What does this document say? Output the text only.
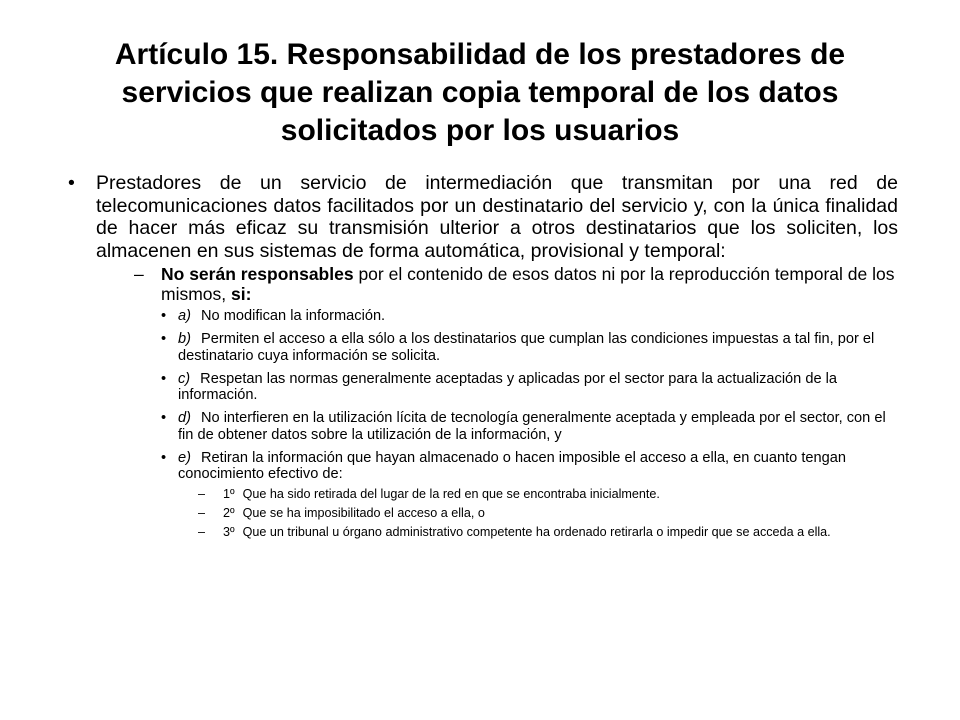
Artículo 15. Responsabilidad de los prestadores de servicios que realizan copia temporal de los datos solicitados por los usuarios
• Prestadores de un servicio de intermediación que transmitan por una red de telecomunicaciones datos facilitados por un destinatario del servicio y, con la única finalidad de hacer más eficaz su transmisión ulterior a otros destinatarios que los soliciten, los almacenen en sus sistemas de forma automática, provisional y temporal:
– No serán responsables por el contenido de esos datos ni por la reproducción temporal de los mismos, si:
• a) No modifican la información.
• b) Permiten el acceso a ella sólo a los destinatarios que cumplan las condiciones impuestas a tal fin, por el destinatario cuya información se solicita.
• c) Respetan las normas generalmente aceptadas y aplicadas por el sector para la actualización de la información.
• d) No interfieren en la utilización lícita de tecnología generalmente aceptada y empleada por el sector, con el fin de obtener datos sobre la utilización de la información, y
• e) Retiran la información que hayan almacenado o hacen imposible el acceso a ella, en cuanto tengan conocimiento efectivo de:
– 1º Que ha sido retirada del lugar de la red en que se encontraba inicialmente.
– 2º Que se ha imposibilitado el acceso a ella, o
– 3º Que un tribunal u órgano administrativo competente ha ordenado retirarla o impedir que se acceda a ella.
